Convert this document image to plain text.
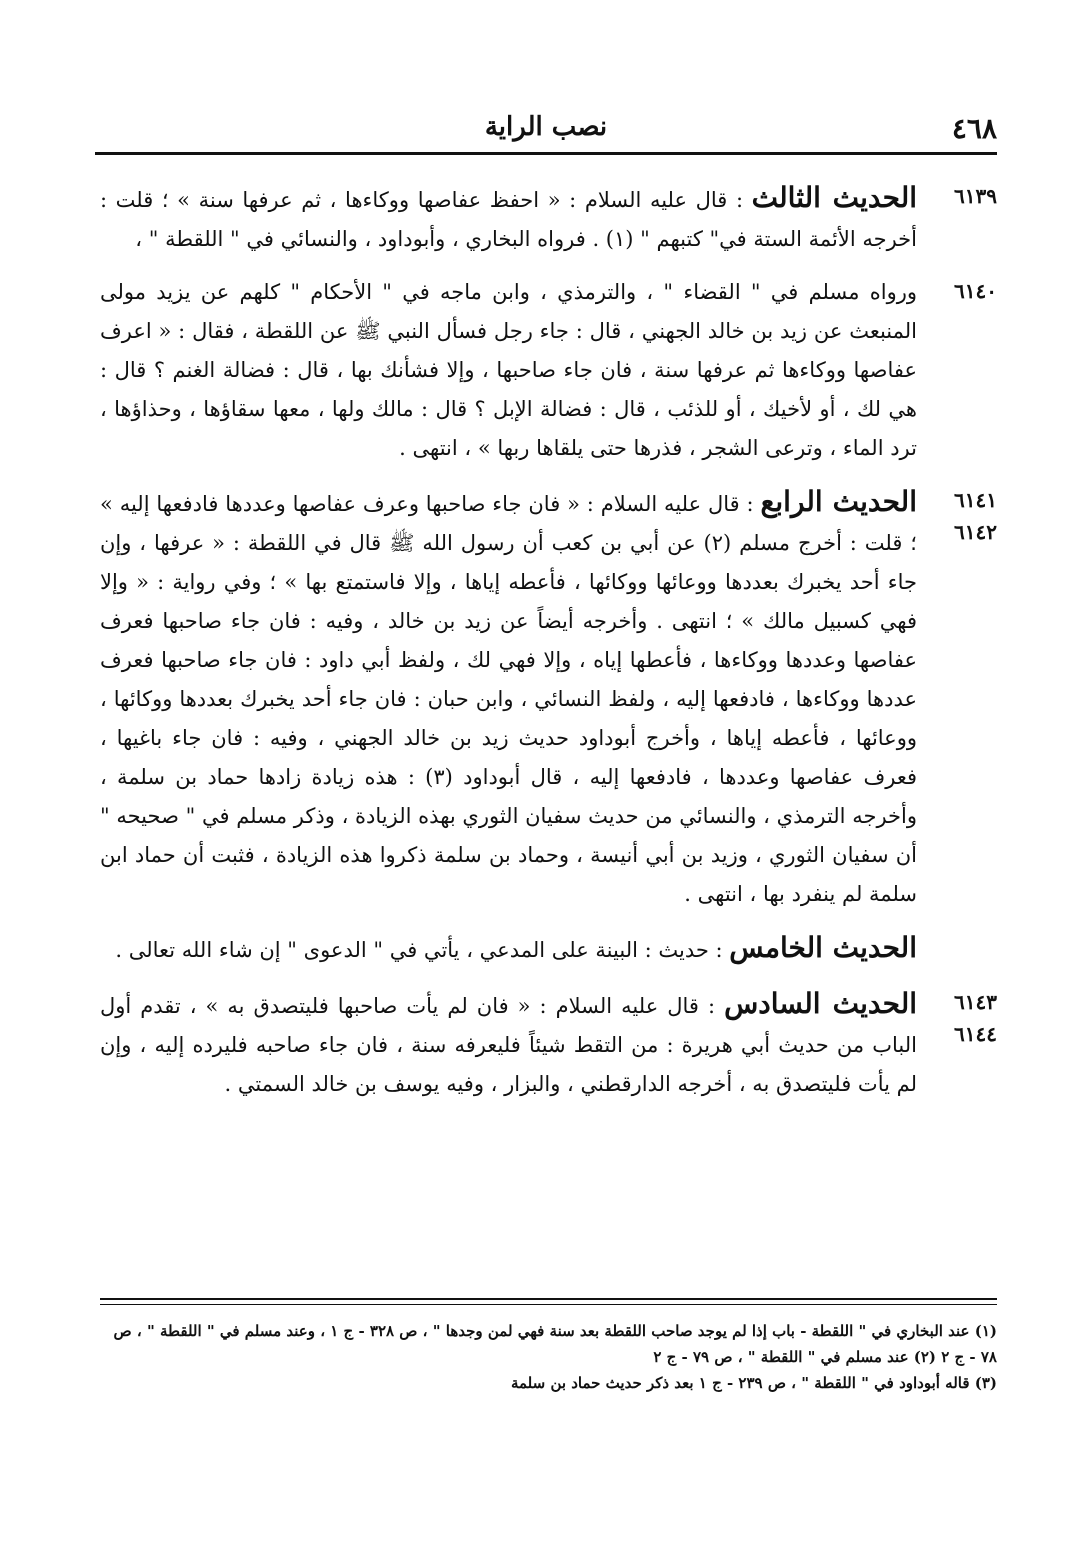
٤٦٨
نصب الراية
٦١٣٩
الحديث الثالث : قال عليه السلام : « احفظ عفاصها ووكاءها ، ثم عرفها سنة » ؛ قلت : أخرجه الأئمة الستة في" كتبهم " (١) . فرواه البخاري ، وأبوداود ، والنسائي في " اللقطة " ،
٦١٤٠
ورواه مسلم في " القضاء " ، والترمذي ، وابن ماجه في " الأحكام " كلهم عن يزيد مولى المنبعث عن زيد بن خالد الجهني ، قال : جاء رجل فسأل النبي ﷺ عن اللقطة ، فقال : « اعرف عفاصها ووكاءها ثم عرفها سنة ، فان جاء صاحبها ، وإلا فشأنك بها ، قال : فضالة الغنم ؟ قال : هي لك ، أو لأخيك ، أو للذئب ، قال : فضالة الإبل ؟ قال : مالك ولها ، معها سقاؤها ، وحذاؤها ، ترد الماء ، وترعى الشجر ، فذرها حتى يلقاها ربها » ، انتهى .
٦١٤١
٦١٤٢
الحديث الرابع : قال عليه السلام : « فان جاء صاحبها وعرف عفاصها وعددها فادفعها إليه » ؛ قلت : أخرج مسلم (٢) عن أبي بن كعب أن رسول الله ﷺ قال في اللقطة : « عرفها ، وإن جاء أحد يخبرك بعددها ووعائها ووكائها ، فأعطه إياها ، وإلا فاستمتع بها » ؛ وفي رواية : « وإلا فهي كسبيل مالك » ؛ انتهى . وأخرجه أيضاً عن زيد بن خالد ، وفيه : فان جاء صاحبها فعرف عفاصها وعددها ووكاءها ، فأعطها إياه ، وإلا فهي لك ، ولفظ أبي داود : فان جاء صاحبها فعرف عددها ووكاءها ، فادفعها إليه ، ولفظ النسائي ، وابن حبان : فان جاء أحد يخبرك بعددها ووكائها ، ووعائها ، فأعطه إياها ، وأخرج أبوداود حديث زيد بن خالد الجهني ، وفيه : فان جاء باغيها ، فعرف عفاصها وعددها ، فادفعها إليه ، قال أبوداود (٣) : هذه زيادة زادها حماد بن سلمة ، وأخرجه الترمذي ، والنسائي من حديث سفيان الثوري بهذه الزيادة ، وذكر مسلم في " صحيحه " أن سفيان الثوري ، وزيد بن أبي أنيسة ، وحماد بن سلمة ذكروا هذه الزيادة ، فثبت أن حماد ابن سلمة لم ينفرد بها ، انتهى .
الحديث الخامس : حديث : البينة على المدعي ، يأتي في " الدعوى " إن شاء الله تعالى .
٦١٤٣
٦١٤٤
الحديث السادس : قال عليه السلام : « فان لم يأت صاحبها فليتصدق به » ، تقدم أول الباب من حديث أبي هريرة : من التقط شيئاً فليعرفه سنة ، فان جاء صاحبه فليرده إليه ، وإن لم يأت فليتصدق به ، أخرجه الدارقطني ، والبزار ، وفيه يوسف بن خالد السمتي .
(١) عند البخاري في " اللقطة - باب إذا لم يوجد صاحب اللقطة بعد سنة فهي لمن وجدها " ، ص ٣٢٨ - ج ١ ، وعند مسلم في " اللقطة " ، ص ٧٨ - ج ٢ (٢) عند مسلم في " اللقطة " ، ص ٧٩ - ج ٢
(٣) قاله أبوداود في " اللقطة " ، ص ٢٣٩ - ج ١ بعد ذكر حديث حماد بن سلمة
